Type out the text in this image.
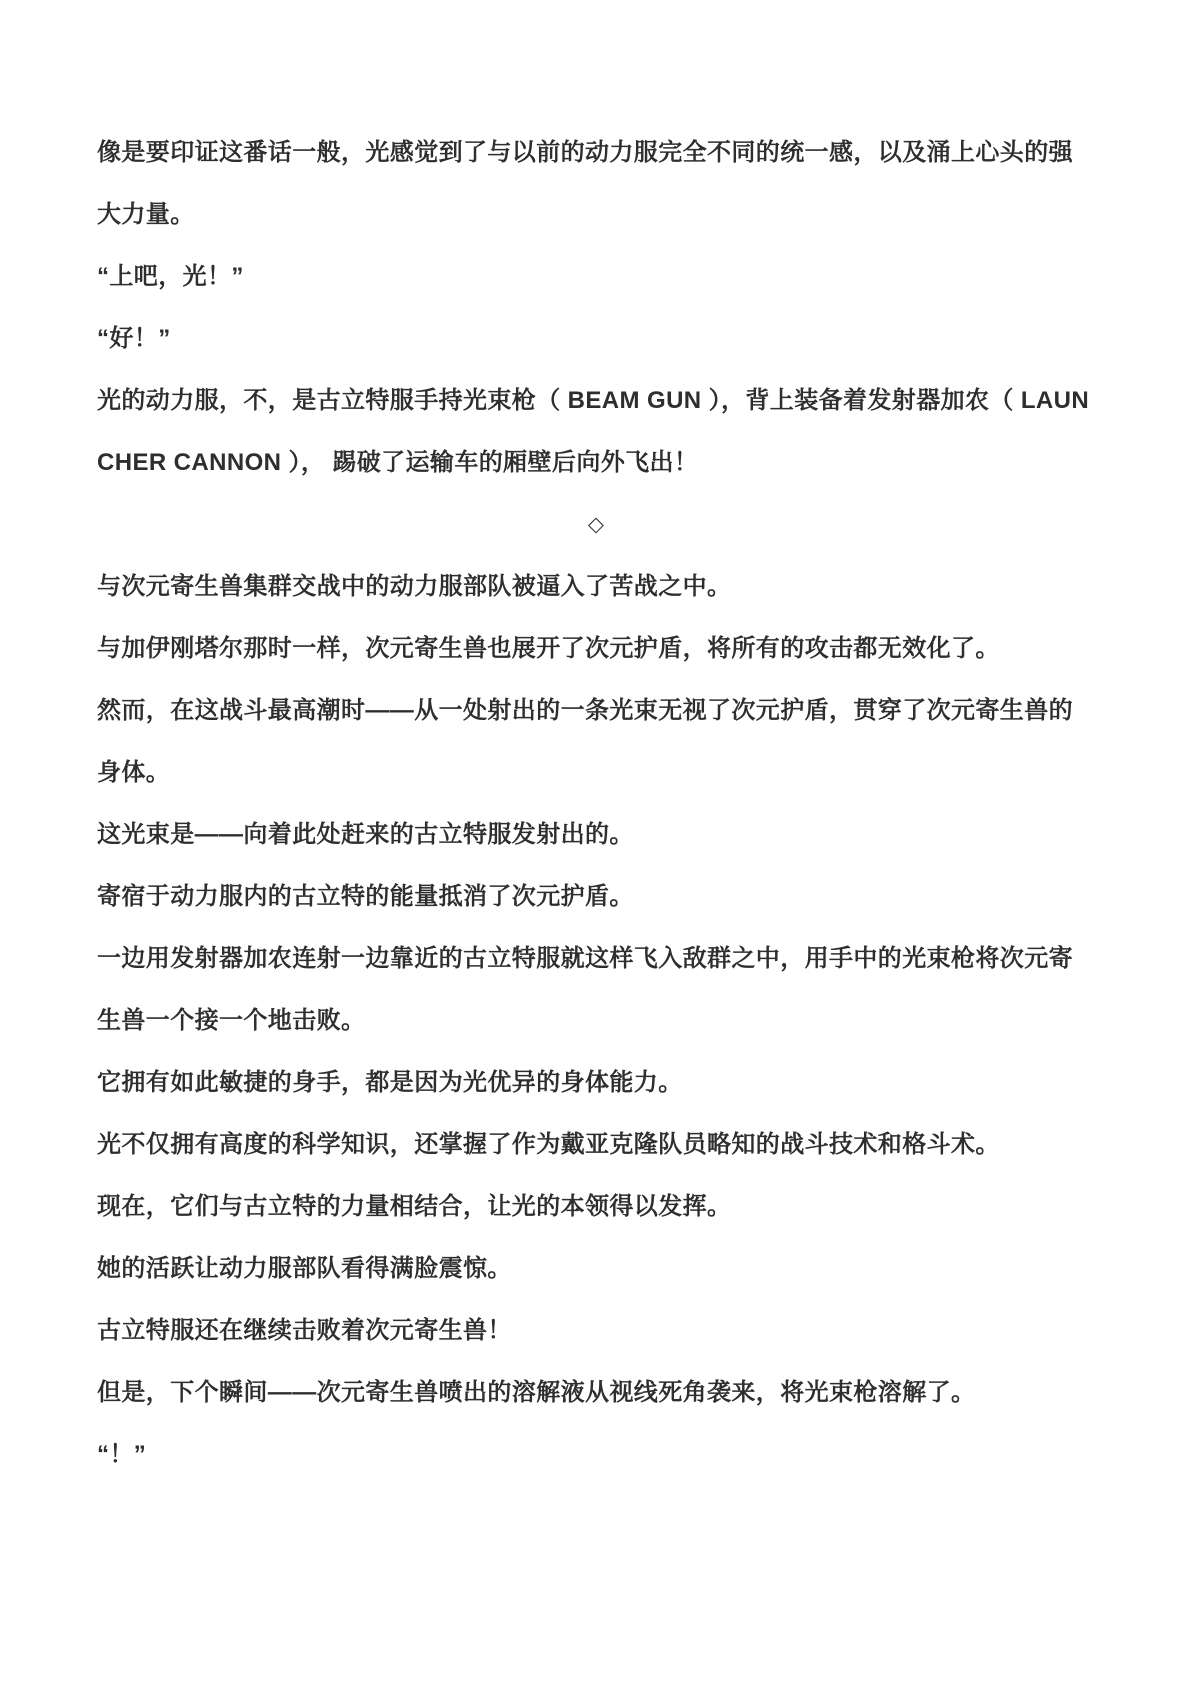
像是要印证这番话一般，光感觉到了与以前的动力服完全不同的统一感，以及涌上心头的强大力量。
“上吧，光！”
“好！”
光的动力服，不，是古立特服手持光束枪（ BEAM GUN ），背上装备着发射器加农（ LAUNCHER CANNON ）， 踢破了运输车的厢壁后向外飞出！
◇
与次元寄生兽集群交战中的动力服部队被逼入了苦战之中。
与加伊刚塔尔那时一样，次元寄生兽也展开了次元护盾，将所有的攻击都无效化了。
然而，在这战斗最高潮时——从一处射出的一条光束无视了次元护盾，贯穿了次元寄生兽的身体。
这光束是——向着此处赶来的古立特服发射出的。
寄宿于动力服内的古立特的能量抵消了次元护盾。
一边用发射器加农连射一边靠近的古立特服就这样飞入敌群之中，用手中的光束枪将次元寄生兽一个接一个地击败。
它拥有如此敏捷的身手，都是因为光优异的身体能力。
光不仅拥有高度的科学知识，还掌握了作为戴亚克隆队员略知的战斗技术和格斗术。
现在，它们与古立特的力量相结合，让光的本领得以发挥。
她的活跃让动力服部队看得满脸震惊。
古立特服还在继续击败着次元寄生兽！
但是，下个瞬间——次元寄生兽喷出的溶解液从视线死角袭来，将光束枪溶解了。
“！”
